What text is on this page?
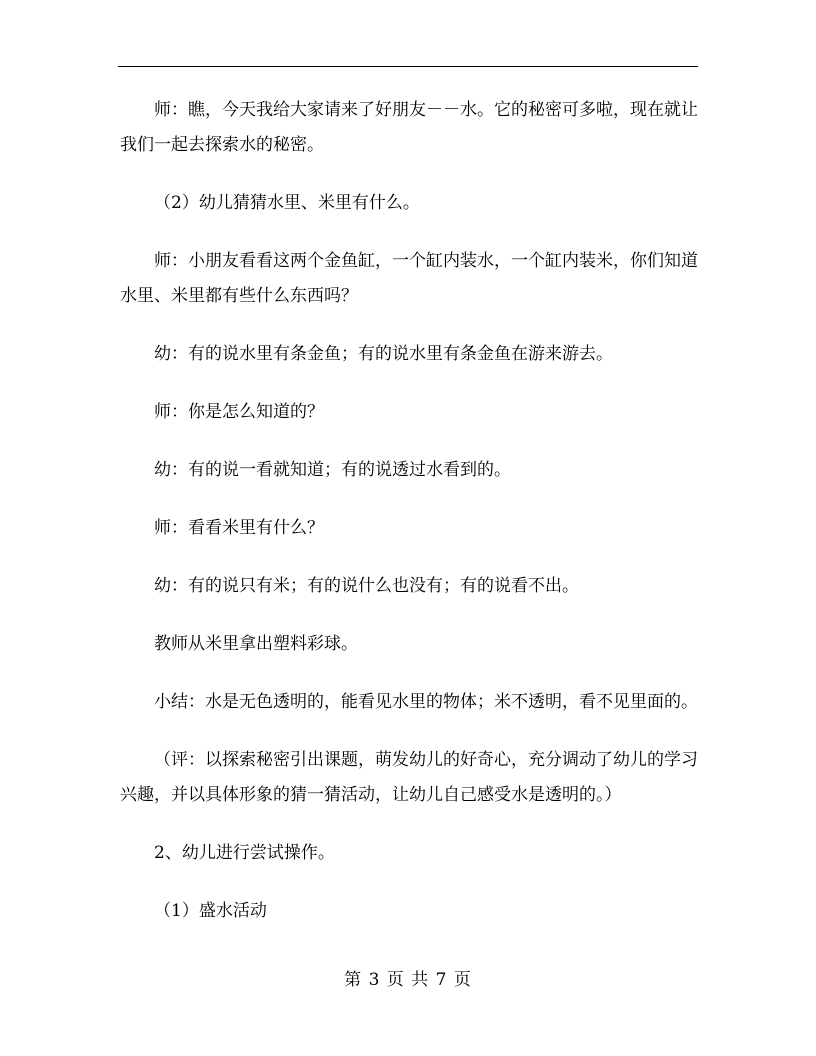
师：瞧，今天我给大家请来了好朋友－－水。它的秘密可多啦，现在就让我们一起去探索水的秘密。

（2）幼儿猜猜水里、米里有什么。

师：小朋友看看这两个金鱼缸，一个缸内装水，一个缸内装米，你们知道水里、米里都有些什么东西吗？

幼：有的说水里有条金鱼；有的说水里有条金鱼在游来游去。

师：你是怎么知道的？

幼：有的说一看就知道；有的说透过水看到的。

师：看看米里有什么？

幼：有的说只有米；有的说什么也没有；有的说看不出。

教师从米里拿出塑料彩球。

小结：水是无色透明的，能看见水里的物体；米不透明，看不见里面的。

（评：以探索秘密引出课题，萌发幼儿的好奇心，充分调动了幼儿的学习兴趣，并以具体形象的猜一猜活动，让幼儿自己感受水是透明的。）

2、幼儿进行尝试操作。

（1）盛水活动

第 3 页 共 7 页
